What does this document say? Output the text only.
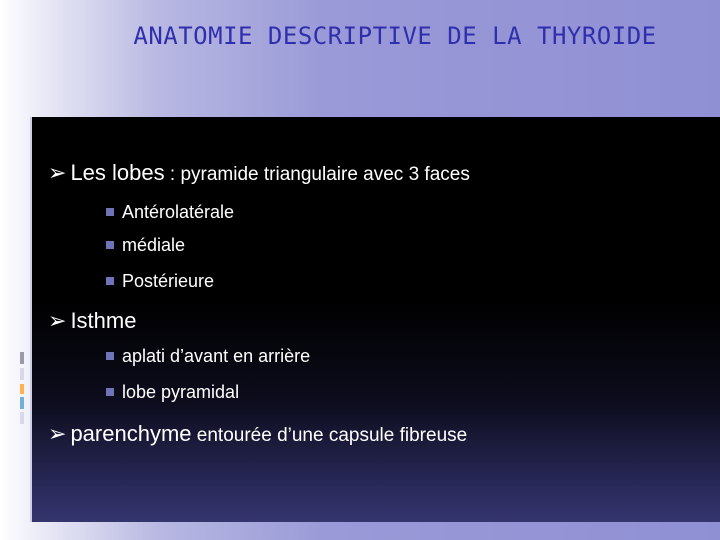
ANATOMIE DESCRIPTIVE DE LA THYROIDE
➢ Les lobes : pyramide triangulaire avec 3 faces
Antérolatérale
médiale
Postérieure
➢ Isthme
aplati d’avant en arrière
lobe pyramidal
➢ parenchyme entourée d’une capsule fibreuse
